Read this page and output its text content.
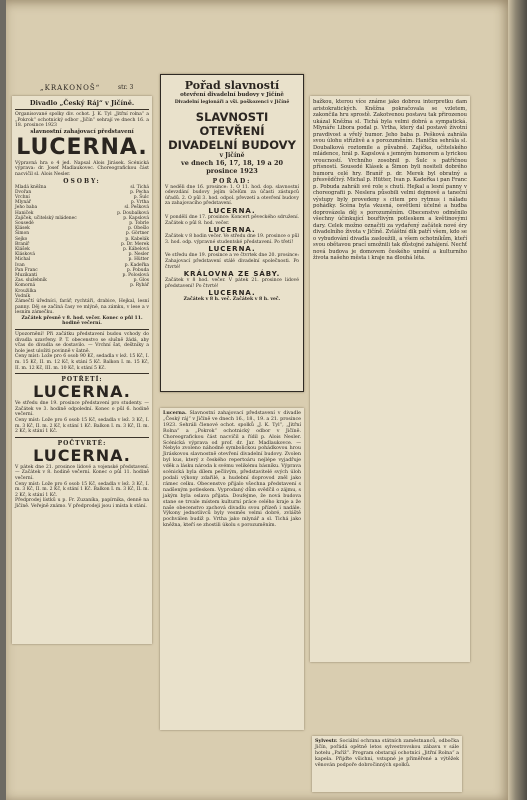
„KRAKONOŠ“	str. 3
Divadlo „Český Ráj“ v Jičíně.
Organisované spolky div. ochot. J. K. Tyl „Jitřní rolna“ a „Pokrok“ ochotnický odbor „Jičín“ sehrají ve dnech 16. a 18. prosince 1923
slavnostní zahajovací představení
LUCERNA.
Výpravná hra o 4 jed. Napsal Alois Jirásek. Scénická výprava: dr. Josef Madlaukovec. Choreografickou část nacvičil sl. Alois Nesler.
OSOBY:
Mladá kněžna	sl. Tichá
Dvořan	p. Pecha
Vrchní	p. Šulc
Mlynář	p. Vrtha
Jeho baba	sl. Pešková
Haniček	p. Doubalková
Zajíček, učitelský mládenec	p. Kapslová
Sousedé	p. Tobrle
Klásek	p. Obešlo
Šimon	p. Görtner
Sejko	p. Kabelák
Braníř	p. Dr. Merek
Klášek	p. Kábelová
Klásková	p. Nesler
Michal	p. Hütter
Ivan	p. Kadeřka
Pan Franc	p. Pobuda
Muzikanti	p. Poloslová
Zas. služebník	p. Glos
Komorná	p. Rybář
Kroužilka
Vodník
Zámečtí úředníci, farář, rychtáři, drabice, Hejkal, lesní panny. Děj se začíná časy ve mlýně, na zámku, v lese a v lesním zámečku.
Začátek přesně v 8. hod. večer. Konec o půl 11. hodině večerní.
Upozornění! Při začátku představení budou vchody do divadla uzavřeny. P. T. obecenstvo se slušně žádá, aby včas do divadla se dostavilo. — Vrchní šat, deštníky a hole jest uložiti povinně v šatně.
Ceny míst: Lože pro 6 osob 90 Kč, sedadla v lež. 15 Kč, I. m. 15 Kč, II. m. 12 Kč, k stání 5 Kč. Balkon I. m. 15 Kč, II. m. 12 Kč, III. m. 10 Kč, k stání 5 Kč.
POTŘETÍ:
LUCERNA.
Ve středu dne 19. prosince představení pro studenty. — Začátek ve 3. hodině odpolední. Konec o půl 6. hodině večerní.
Ceny míst: Lože pro 6 osob 15 Kč, sedadla v lež. 3 Kč, I. m. 3 Kč, II. m. 2 Kč, k stání 1 Kč. Balkon I. m. 3 Kč, II. m. 2 Kč, k stání 1 Kč.
POČTVRTÉ:
LUCERNA.
V pátek dne 21. prosince lidové a vojenské představení. — Začátek v 8. hodině večerní. Konec o půl 11. hodině večerní.
Ceny míst: Lože pro 6 osob 15 Kč, sedadla v lež. 3 Kč, I. m. 3 Kč, II. m. 2 Kč, k stání 1 Kč. Balkon I. m. 3 Kč, II. m. 2 Kč, k stání 1 Kč.
Předprodej lístků u p. Fr. Zuzaníka, papírníka, denně na Jičíně. Veřejně známo. V předprodeji jsou i místa k stání.
Pořad slavností
otevření divadelní budovy v Jičíně
Divadelní legionáři a vši. poškozenci v Jičíně
SLAVNOSTI OTEVŘENÍ
DIVADELNÍ BUDOVY
v Jičíně
ve dnech 16, 17, 18, 19 a 20 prosince 1923
POŘAD:
V neděli dne 16. prosince: 1. O 11. hod. dop. slavnostní odevzdání budovy jejím účelům za účasti zástupců úřadů. 2. O půl 3. hod. odpol. převzetí a otevření budovy za zahajovacího představení.
LUCERNA.
V pondělí dne 17. prosince: Koncert pěveckého sdružení. Začátek o půl 8. hod. večer.
LUCERNA.
Začátek v 8 hodin večer. Ve středu dne 19. prosince o půl 3. hod. odp. výpravné studentské představení. Po třetí!
LUCERNA.
Ve středu dne 19. prosince a ve čtvrtek dne 20. prosince: Zahajovací představení stálé divadelní společnosti. Po čtvrté!
KRÁLOVNA ZE SÁBY.
Začátek v 8 hod. večer. V pátek 21. prosince lidové představení! Po čtvrté!
LUCERNA.
Začátek v 8 h. več. Začátek v 8 h. več.

Lucerna. Slavnostní zahajovací představení v divadle „Český ráj“ v Jičíně ve dnech 16., 18., 19. a 21. prosince 1923. Sehráli členové ochot. spolků „J. K. Tyl“, „Jitřní Rolna“ a „Pokrok“ ochotnický odbor v Jičíně. Choreografickou část nacvičil a řídil p. Alois Nesler. Scénická výprava od prof. dr. Jar. Madlaukovce. — Nebylo zvoleno náhodně symbolickou pohádkovou hrou Jiráskovou slavnostně otevření divadelní budovy. Zvolen byl kus, který z českého repertoáru nejlépe vyjadřuje vděk a lásku národa k svému velikému básníku. Výprava scénická byla dílem pečlivým, představitelé svých úloh podali výkony zdařilé, a hudební doprovod zněl jako rámec celku. Obecenstvo přijalo všechna představení s nadšeným potleskem. Vyprodaný dům svědčil o zájmu, s jakým byla oslava přijata. Doufejme, že nová budova stane se trvale místem kulturní práce celého kraje a že naše obecenstvo zachová divadlu svou přízeň i nadále. Výkony jednotlivců byly vesměs velmi dobré, zvláště pochválen budiž p. Vrtha jako mlynář a sl. Tichá jako kněžna, kteří se zhostili úkolu s porozuměním.

bažkou, kterou více známe jako dobrou interpretku dam aristokratických. Kněžna pokračovala se vzletem, zakončila hru sprostě. Zakotvenou postavu tak přirozenou ukázal Kněžna sl. Tichá byla velmi dobrá a sympatická. Mlynáře Libora podal p. Vrtha, který dal postavě životní pravdivost a vřelý humor. Jeho baba p. Pešková zahrála svou úlohu střízlivě a s porozuměním. Haničku sehrála sl. Doubalková roztomile a půvabně. Zajíčka, učitelského mládence, hrál p. Kapslová s jemným humorem a lyrickou vroucností. Vrchního zosobnil p. Šulc s patřičnou přísností. Sousedé Klásek a Šimon byli nositeli dobrého humoru celé hry. Braníř p. dr. Merek byl obratný a přesvědčivý. Michal p. Hütter, Ivan p. Kadeřka i pan Franc p. Pobuda zahráli své role s chutí. Hejkal a lesní panny v choreografii p. Neslera působili velmi dojmově a taneční výstupy byly provedeny s citem pro rytmus i náladu pohádky. Scéna byla vkusná, osvětlení účelné a hudba doprovázela děj s porozuměním. Obecenstvo odměnilo všechny účinkující bouřlivým potleskem a květinovými dary. Celek možno označiti za vydařený začátek nové éry divadelního života v Jičíně. Zvláštní dík patří všem, kdo se o vybudování divadla zasloužili, a všem ochotníkům, kteří svou obětavou prací umožnili tak důstojné zahájení. Nechť nová budova je domovem českého umění a kulturního života našeho města i kraje na dlouhá léta.

Sylvestr. Sociální ochrana státních zaměstnanců, odbočka Jičín, pořádá opětně letos sylvestrovskou zábavu v sále hotelu „Paříž“. Program obstarají ochotníci „Jitřní Rolna“ a kapela. Přijďte všichni, vstupné je přiměřené a výtěžek věnován podpoře dobročinných spolků.
